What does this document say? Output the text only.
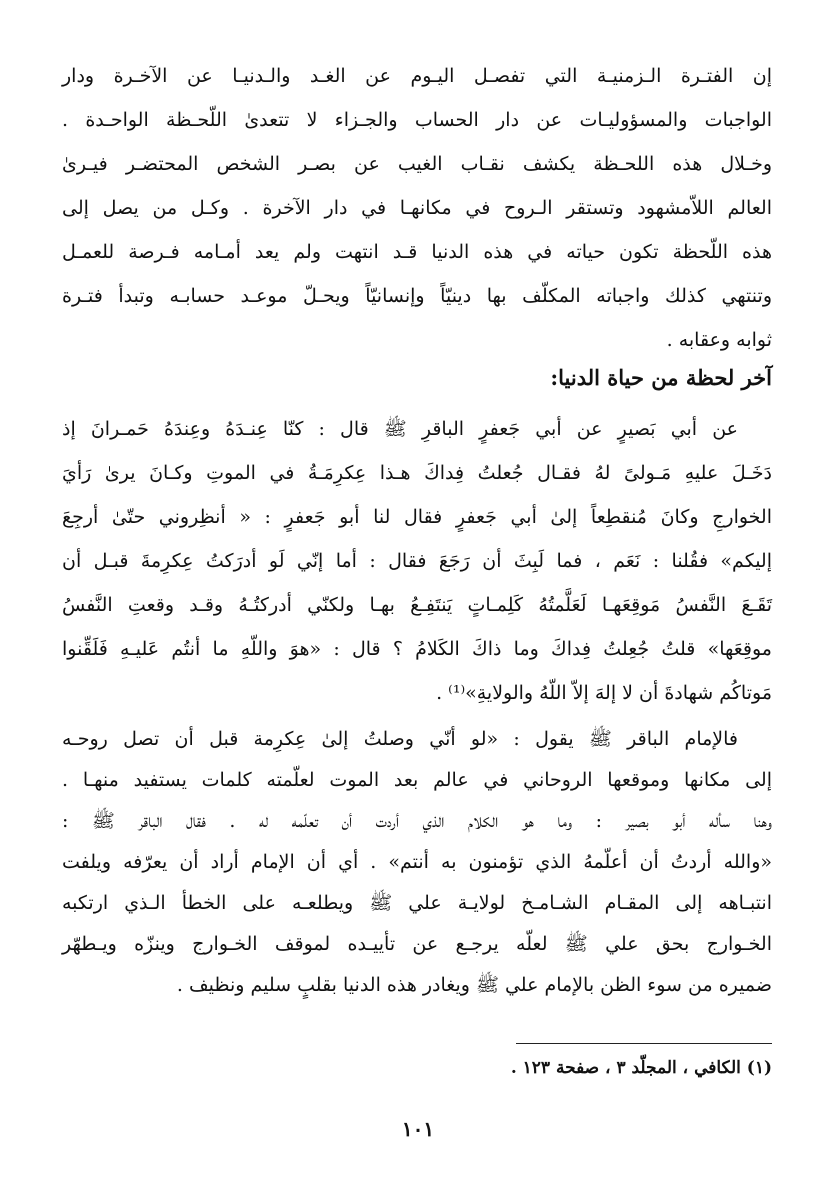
إن الفتـرة الـزمنيـة التي تفصـل اليـوم عن الغـد والـدنيـا عن الآخـرة ودار
الواجبات والمسؤوليـات عن دار الحساب والجـزاء لا تتعدىٰ اللّحـظة الواحـدة .
وخـلال هذه اللحـظة يكشف نقـاب الغيب عن بصـر الشخص المحتضـر فيـرىٰ
العالم اللاّمشهود وتستقر الـروح في مكانهـا في دار الآخرة . وكـل من يصل إلى
هذه اللّحظة تكون حياته في هذه الدنيا قـد انتهت ولم يعد أمـامه فـرصة للعمـل
وتنتهي كذلك واجباته المكلّف بها دينيّاً وإنسانيّاً ويحـلّ موعـد حسابـه وتبدأ فتـرة
ثوابه وعقابه .
آخر لحظة من حياة الدنيا:
عن أبي بَصيرٍ عن أبي جَعفرٍ الباقرِ ﷺ قال : كنّا عِنـدَهُ وعِندَهُ حَمـرانَ إذ
دَخَـلَ عليهِ مَـولىً لهُ فقـال جُعلتُ فِداكَ هـذا عِكرِمَـةُ في الموتِ وكـانَ يرىٰ رَأيَ
الخوارجِ وكانَ مُنقطِعاً إلىٰ أبي جَعفرٍ فقال لنا أبو جَعفرٍ : « أنظِروني حتّىٰ أرجِعَ
إليكم» فقُلنا : نَعَم ، فما لَبِثَ أن رَجَعَ فقال : أما إنّي لَو أدرَكتُ عِكرِمةَ قبـل أن
تَقَـعَ النَّفسُ مَوقِعَهـا لَعَلَّمتُهُ كَلِمـاتٍ يَنتَفِـعُ بهـا ولكنّي أدركتُـهُ وقـد وقعتِ النَّفسُ
موقِعَها» قلتُ جُعِلتُ فِداكَ وما ذاكَ الكَلامُ ؟ قال : «هوَ واللّهِ ما أنتُم عَليـهِ فَلَقِّنوا
مَوتاكُم شهادةَ أن لا إلهَ إلاّ اللّهُ والولايةِ»⁽¹⁾ .
فالإمام الباقر ﷺ يقول : «لو أنّي وصلتُ إلىٰ عِكرِمة قبل أن تصل روحـه
إلى مكانها وموقعها الروحاني في عالم بعد الموت لعلّمته كلمات يستفيد منهـا .
وهنا سأله أبو بصير : وما هو الكلام الذي أردت أن تعلّمه له . فقال الباقر ﷺ :
«والله أردتُ أن أعلّمهُ الذي تؤمنون به أنتم» . أي أن الإمام أراد أن يعرّفه ويلفت
انتبـاهه إلى المقـام الشـامـخ لولايـة علي ﷺ ويطلعـه على الخطأ الـذي ارتكبه
الخـوارج بحق علي ﷺ لعلّه يرجـع عن تأييـده لموقف الخـوارج وينزّه ويـطهّر
ضميره من سوء الظن بالإمام علي ﷺ ويغادر هذه الدنيا بقلبٍ سليم ونظيف .
(١) الكافي ، المجلّد ٣ ، صفحة ١٢٣ .
١٠١
